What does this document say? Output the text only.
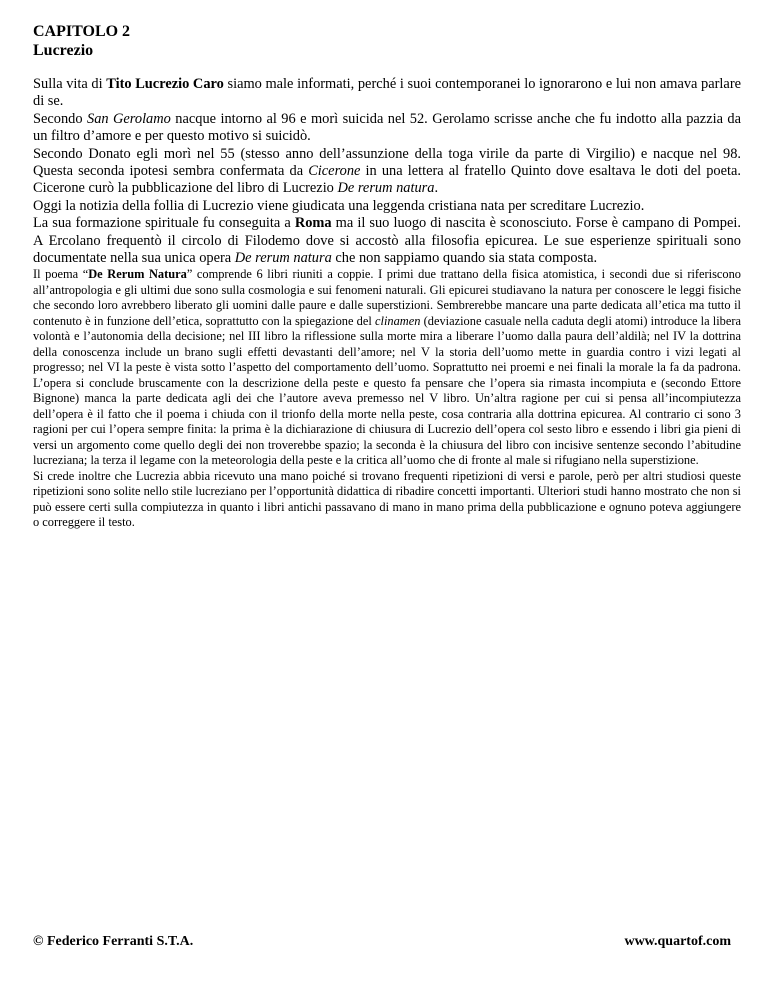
CAPITOLO 2
Lucrezio

Sulla vita di Tito Lucrezio Caro siamo male informati, perché i suoi contemporanei lo ignorarono e lui non amava parlare di se.

Secondo San Gerolamo nacque intorno al 96 e morì suicida nel 52. Gerolamo scrisse anche che fu indotto alla pazzia da un filtro d’amore e per questo motivo si suicidò.

Secondo Donato egli morì nel 55 (stesso anno dell’assunzione della toga virile da parte di Virgilio) e nacque nel 98. Questa seconda ipotesi sembra confermata da Cicerone in una lettera al fratello Quinto dove esaltava le doti del poeta. Cicerone curò la pubblicazione del libro di Lucrezio De rerum natura.

Oggi la notizia della follia di Lucrezio viene giudicata una leggenda cristiana nata per screditare Lucrezio.

La sua formazione spirituale fu conseguita a Roma ma il suo luogo di nascita è sconosciuto. Forse è campano di Pompei. A Ercolano frequentò il circolo di Filodemo dove si accostò alla filosofia epicurea. Le sue esperienze spirituali sono documentate nella sua unica opera De rerum natura che non sappiamo quando sia stata composta.

Il poema “De Rerum Natura” comprende 6 libri riuniti a coppie. I primi due trattano della fisica atomistica, i secondi due si riferiscono all’antropologia e gli ultimi due sono sulla cosmologia e sui fenomeni naturali. Gli epicurei studiavano la natura per conoscere le leggi fisiche che secondo loro avrebbero liberato gli uomini dalle paure e dalle superstizioni. Sembrerebbe mancare una parte dedicata all’etica ma tutto il contenuto è in funzione dell’etica, soprattutto con la spiegazione del clinamen (deviazione casuale nella caduta degli atomi) introduce la libera volontà e l’autonomia della decisione; nel III libro la riflessione sulla morte mira a liberare l’uomo dalla paura dell’aldilà; nel IV la dottrina della conoscenza include un brano sugli effetti devastanti dell’amore; nel V la storia dell’uomo mette in guardia contro i vizi legati al progresso; nel VI la peste è vista sotto l’aspetto del comportamento dell’uomo. Soprattutto nei proemi e nei finali la morale la fa da padrona. L’opera si conclude bruscamente con la descrizione della peste e questo fa pensare che l’opera sia rimasta incompiuta e (secondo Ettore Bignone) manca la parte dedicata agli dei che l’autore aveva premesso nel V libro. Un’altra ragione per cui si pensa all’incompiutezza dell’opera è il fatto che il poema i chiuda con il trionfo della morte nella peste, cosa contraria alla dottrina epicurea. Al contrario ci sono 3 ragioni per cui l’opera sempre finita: la prima è la dichiarazione di chiusura di Lucrezio dell’opera col sesto libro e essendo i libri gia pieni di versi un argomento come quello degli dei non troverebbe spazio; la seconda è la chiusura del libro con incisive sentenze secondo l’abitudine lucreziana; la terza il legame con la meteorologia della peste e la critica all’uomo che di fronte al male si rifugiano nella superstizione.

Si crede inoltre che Lucrezia abbia ricevuto una mano poiché si trovano frequenti ripetizioni di versi e parole, però per altri studiosi queste ripetizioni sono solite nello stile lucreziano per l’opportunità didattica di ribadire concetti importanti. Ulteriori studi hanno mostrato che non si può essere certi sulla compiutezza in quanto i libri antichi passavano di mano in mano prima della pubblicazione e ognuno poteva aggiungere o correggere il testo.

© Federico Ferranti S.T.A.	www.quartof.com
